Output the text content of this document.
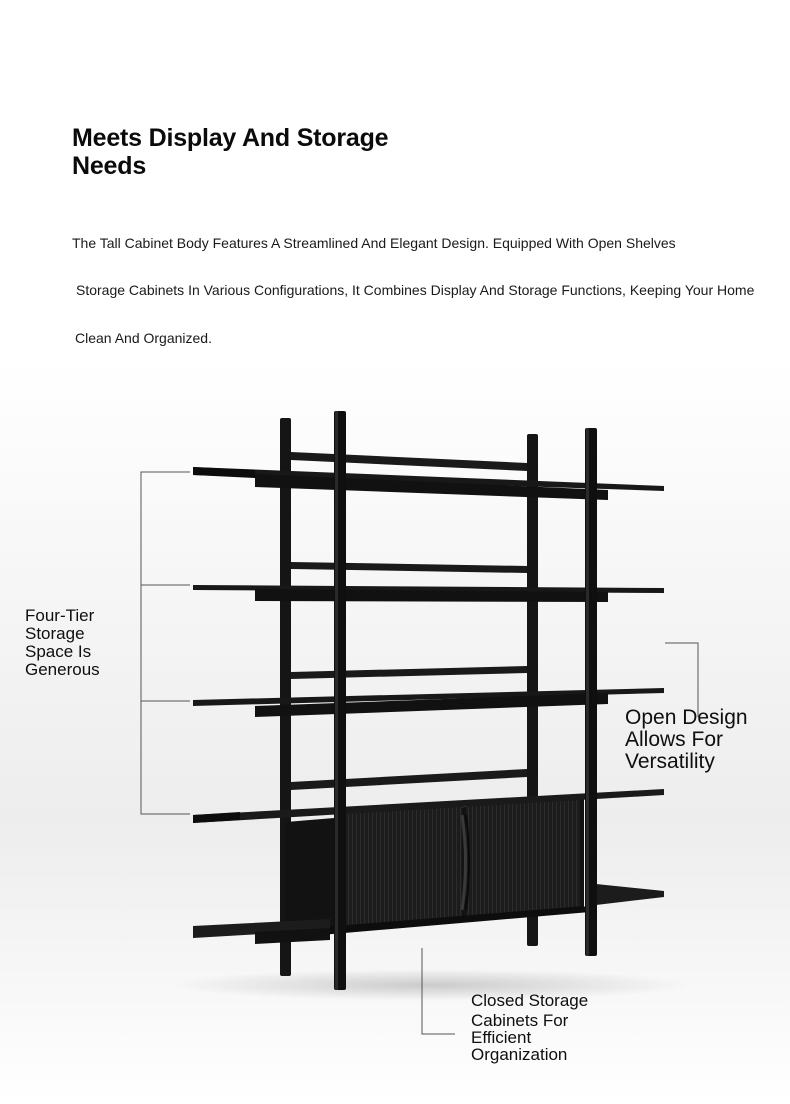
Meets Display And Storage Needs

The Tall Cabinet Body Features A Streamlined And Elegant Design. Equipped With Open Shelves

Storage Cabinets In Various Configurations, It Combines Display And Storage Functions, Keeping Your Home

Clean And Organized.

Four-Tier
Storage
Space Is
Generous

Open Design
Allows For
Versatility

Closed Storage
Cabinets For
Efficient
Organization
